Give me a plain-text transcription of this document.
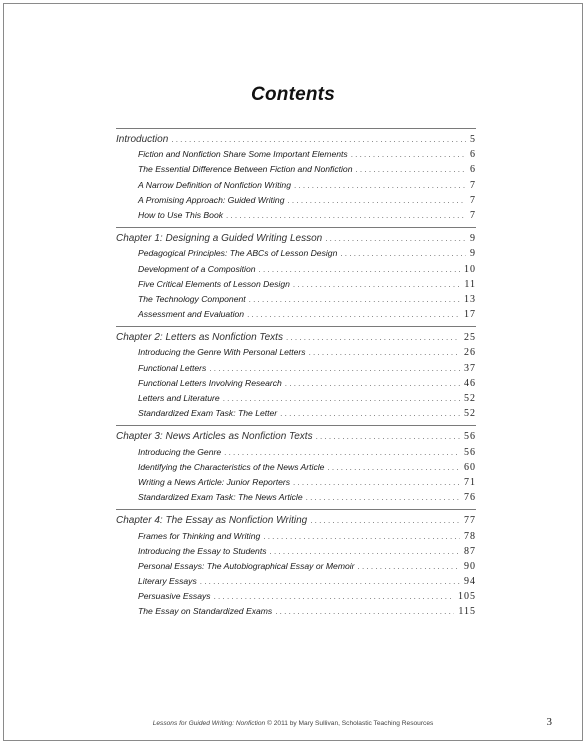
Contents
Introduction . . .	5
Fiction and Nonfiction Share Some Important Elements . . .	6
The Essential Difference Between Fiction and Nonfiction . . .	6
A Narrow Definition of Nonfiction Writing . . .	7
A Promising Approach: Guided Writing . . .	7
How to Use This Book . . .	7
Chapter 1: Designing a Guided Writing Lesson . . .	9
Pedagogical Principles: The ABCs of Lesson Design . . .	9
Development of a Composition . . .	10
Five Critical Elements of Lesson Design . . .	11
The Technology Component . . .	13
Assessment and Evaluation . . .	17
Chapter 2: Letters as Nonfiction Texts . . .	25
Introducing the Genre With Personal Letters . . .	26
Functional Letters . . .	37
Functional Letters Involving Research . . .	46
Letters and Literature . . .	52
Standardized Exam Task: The Letter . . .	52
Chapter 3: News Articles as Nonfiction Texts . . .	56
Introducing the Genre . . .	56
Identifying the Characteristics of the News Article . . .	60
Writing a News Article: Junior Reporters . . .	71
Standardized Exam Task: The News Article . . .	76
Chapter 4: The Essay as Nonfiction Writing . . .	77
Frames for Thinking and Writing . . .	78
Introducing the Essay to Students . . .	87
Personal Essays: The Autobiographical Essay or Memoir . . .	90
Literary Essays . . .	94
Persuasive Essays . . .	105
The Essay on Standardized Exams . . .	115
Lessons for Guided Writing: Nonfiction © 2011 by Mary Sullivan, Scholastic Teaching Resources	3
